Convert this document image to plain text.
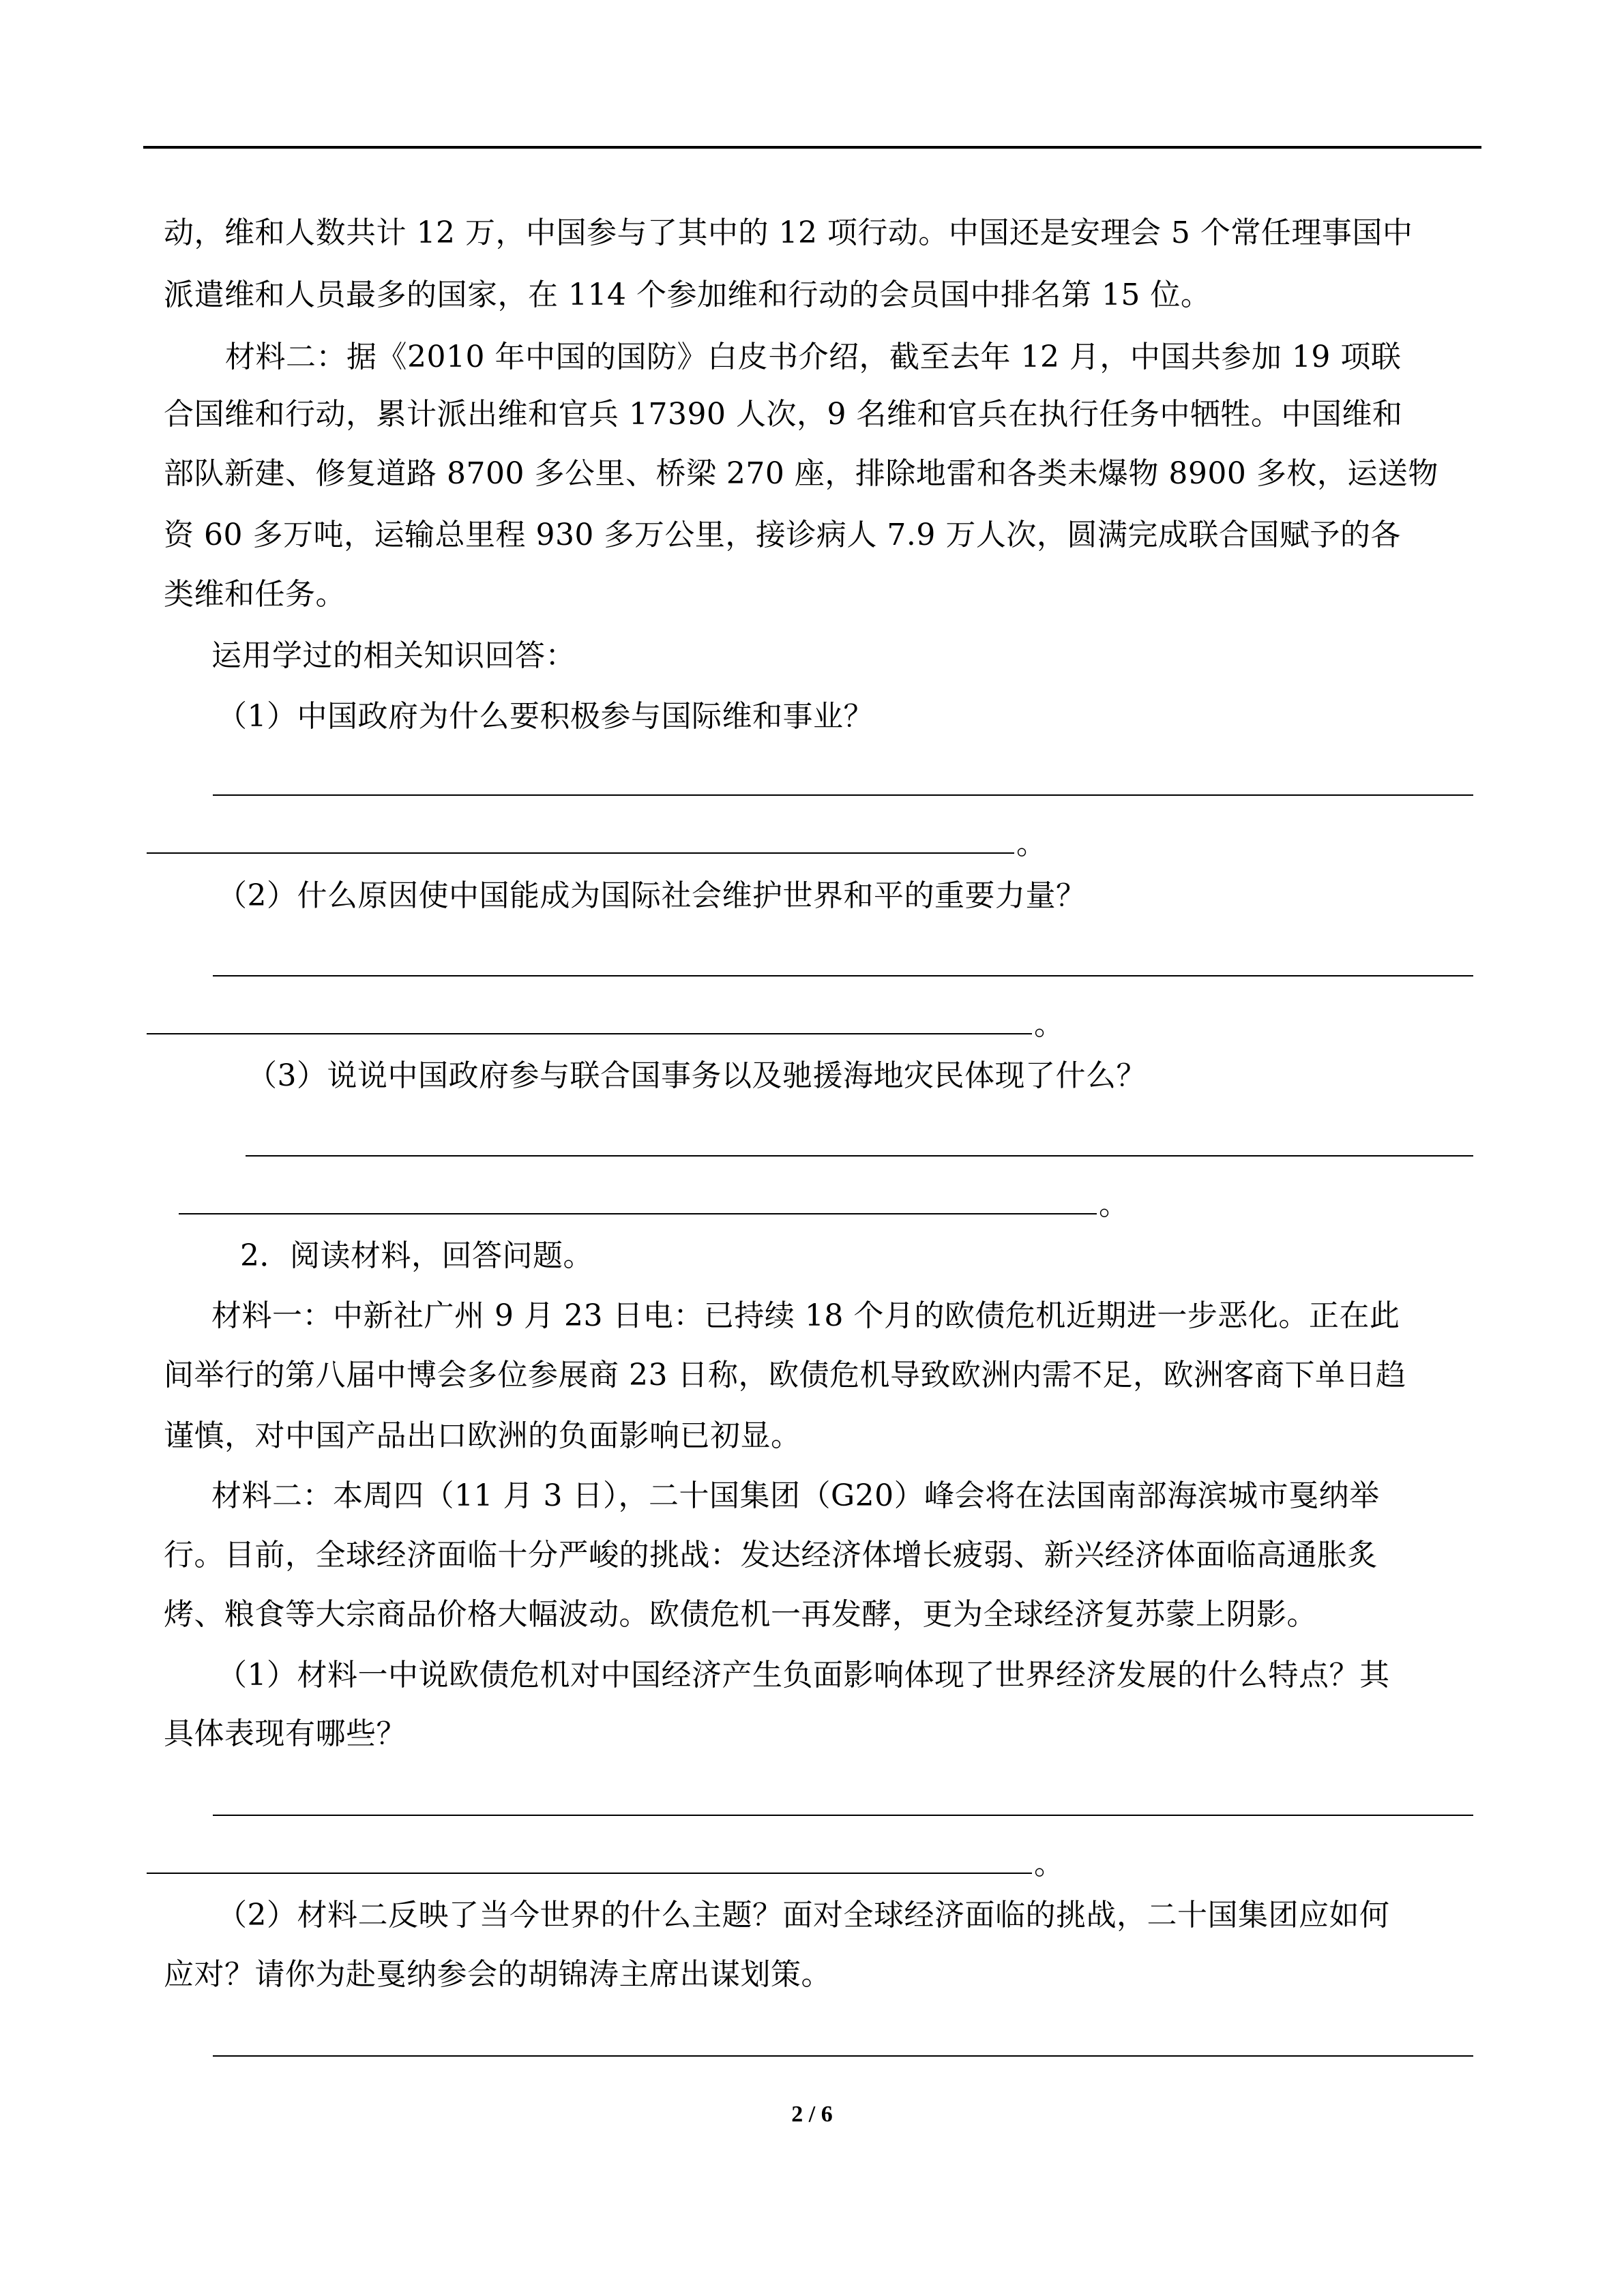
动，维和人数共计 12 万，中国参与了其中的 12 项行动。中国还是安理会 5 个常任理事国中
派遣维和人员最多的国家，在 114 个参加维和行动的会员国中排名第 15 位。
材料二：据《2010 年中国的国防》白皮书介绍，截至去年 12 月，中国共参加 19 项联
合国维和行动，累计派出维和官兵 17390 人次，9 名维和官兵在执行任务中牺牲。中国维和
部队新建、修复道路 8700 多公里、桥梁 270 座，排除地雷和各类未爆物 8900 多枚，运送物
资 60 多万吨，运输总里程 930 多万公里，接诊病人 7.9 万人次，圆满完成联合国赋予的各
类维和任务。
运用学过的相关知识回答：
（1）中国政府为什么要积极参与国际维和事业？
。
（2）什么原因使中国能成为国际社会维护世界和平的重要力量？
。
（3）说说中国政府参与联合国事务以及驰援海地灾民体现了什么？
。
2．阅读材料，回答问题。
材料一：中新社广州 9 月 23 日电：已持续 18 个月的欧债危机近期进一步恶化。正在此
间举行的第八届中博会多位参展商 23 日称，欧债危机导致欧洲内需不足，欧洲客商下单日趋
谨慎，对中国产品出口欧洲的负面影响已初显。
材料二：本周四（11 月 3 日），二十国集团（G20）峰会将在法国南部海滨城市戛纳举
行。目前，全球经济面临十分严峻的挑战：发达经济体增长疲弱、新兴经济体面临高通胀炙
烤、粮食等大宗商品价格大幅波动。欧债危机一再发酵，更为全球经济复苏蒙上阴影。
（1）材料一中说欧债危机对中国经济产生负面影响体现了世界经济发展的什么特点？其
具体表现有哪些？
。
（2）材料二反映了当今世界的什么主题？面对全球经济面临的挑战，二十国集团应如何
应对？请你为赴戛纳参会的胡锦涛主席出谋划策。
2 / 6
